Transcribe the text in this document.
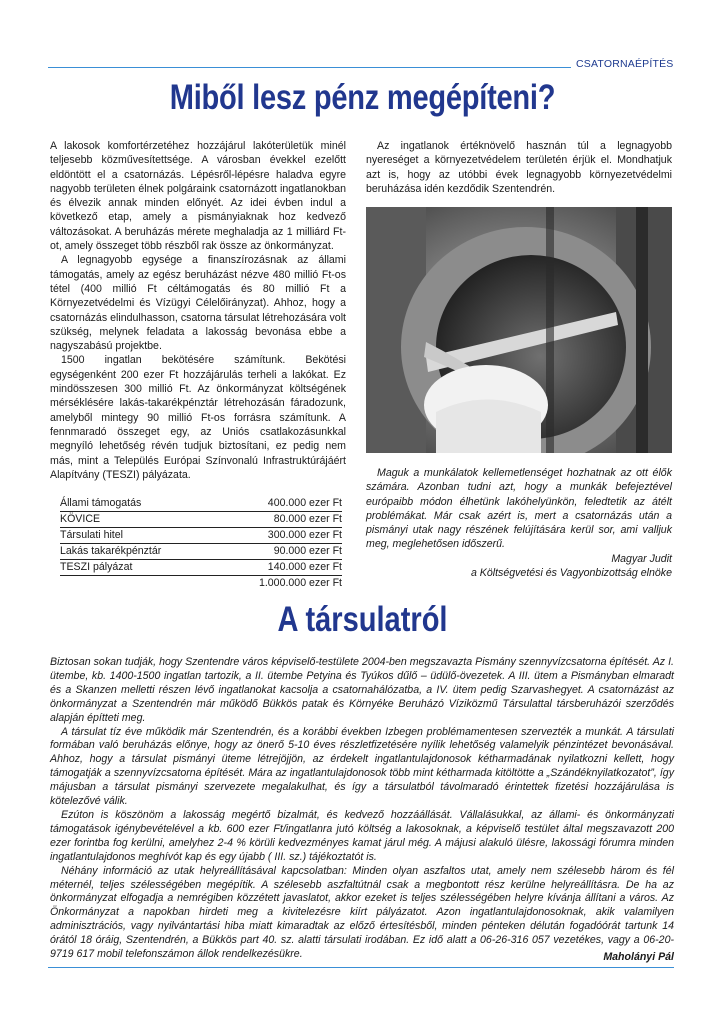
CSATORNAÉPÍTÉS
Miből lesz pénz megépíteni?

A lakosok komfortérzetéhez hozzájárul lakóterületük minél teljesebb közművesítettsége. A városban évekkel ezelőtt eldöntött el a csatornázás. Lépésről-lépésre haladva egyre nagyobb területen élnek polgáraink csatornázott ingatlanokban és élvezik annak minden előnyét. Az idei évben indul a következő etap, amely a pismányiaknak hoz kedvező változásokat. A beruházás mérete meghaladja az 1 milliárd Ft-ot, amely összeget több részből rak össze az önkormányzat.

A legnagyobb egysége a finanszírozásnak az állami támogatás, amely az egész beruházást nézve 480 millió Ft-os tétel (400 millió Ft céltámogatás és 80 millió Ft a Környezetvédelmi és Vízügyi Célelőirányzat). Ahhoz, hogy a csatornázás elindulhasson, csatorna társulat létrehozására volt szükség, melynek feladata a lakosság bevonása ebbe a nagyszabású projektbe.

1500 ingatlan bekötésére számítunk. Bekötési egységenként 200 ezer Ft hozzájárulás terheli a lakókat. Ez mindösszesen 300 millió Ft. Az önkormányzat költségének mérséklésére lakás-takarékpénztár létrehozásán fáradozunk, amelyből mintegy 90 millió Ft-os forrásra számítunk. A fennmaradó összeget egy, az Uniós csatlakozásunkkal megnyíló lehetőség révén tudjuk biztosítani, ez pedig nem más, mint a Település Európai Színvonalú Infrastruktúrájáért Alapítvány (TESZI) pályázata.

Állami támogatás	400.000 ezer Ft
KÖVICE	80.000 ezer Ft
Társulati hitel	300.000 ezer Ft
Lakás takarékpénztár	90.000 ezer Ft
TESZI pályázat	140.000 ezer Ft
1.000.000 ezer Ft

Az ingatlanok értéknövelő hasznán túl a legnagyobb nyereséget a környezetvédelem területén érjük el. Mondhatjuk azt is, hogy az utóbbi évek legnagyobb környezetvédelmi beruházása idén kezdődik Szentendrén.

Maguk a munkálatok kellemetlenséget hozhatnak az ott élők számára. Azonban tudni azt, hogy a munkák befejeztével európaibb módon élhetünk lakóhelyünkön, feledtetik az átélt problémákat. Már csak azért is, mert a csatornázás után a pismányi utak nagy részének felújítására kerül sor, ami valljuk meg, meglehetősen időszerű.

Magyar Judit
a Költségvetési és Vagyonbizottság elnöke
A társulatról

Biztosan sokan tudják, hogy Szentendre város képviselő-testülete 2004-ben megszavazta Pismány szennyvízcsatorna építését. Az I. ütembe, kb. 1400-1500 ingatlan tartozik, a II. ütembe Petyina és Tyúkos dűlő – üdülő-övezetek. A III. ütem a Pismányban elmaradt és a Skanzen melletti részen lévő ingatlanokat kacsolja a csatornahálózatba, a IV. ütem pedig Szarvashegyet. A csatornázást az önkormányzat a Szentendrén már működő Bükkös patak és Környéke Beruházó Víziközmű Társulattal társberuházói szerződés alapján építteti meg.

A társulat tíz éve működik már Szentendrén, és a korábbi években Izbegen problémamentesen szervezték a munkát. A társulati formában való beruházás előnye, hogy az önerő 5-10 éves részletfizetésére nyílik lehetőség valamelyik pénzintézet bevonásával. Ahhoz, hogy a társulat pismányi üteme létrejöjjön, az érdekelt ingatlantulajdonosok kétharmadának nyilatkozni kellett, hogy támogatják a szennyvízcsatorna építését. Mára az ingatlantulajdonosok több mint kétharmada kitöltötte a „Szándéknyilatkozatot”, így májusban a társulat pismányi szervezete megalakulhat, és így a társulatból távolmaradó érintettek fizetési hozzájárulása is kötelezővé válik.

Ezúton is köszönöm a lakosság megértő bizalmát, és kedvező hozzáállását. Vállalásukkal, az állami- és önkormányzati támogatások igénybevételével a kb. 600 ezer Ft/ingatlanra jutó költség a lakosoknak, a képviselő testület által megszavazott 200 ezer forintba fog kerülni, amelyhez 2-4 % körüli kedvezményes kamat járul még. A májusi alakuló ülésre, lakossági fórumra minden ingatlantulajdonos meghívót kap és egy újabb ( III. sz.) tájékoztatót is.

Néhány információ az utak helyreállításával kapcsolatban: Minden olyan aszfaltos utat, amely nem szélesebb három és fél méternél, teljes szélességében megépítik. A szélesebb aszfaltútnál csak a megbontott rész kerülne helyreállításra. De ha az önkormányzat elfogadja a nemrégiben közzétett javaslatot, akkor ezeket is teljes szélességében helyre kívánja állítani a város. Az Önkormányzat a napokban hirdeti meg a kivitelezésre kiírt pályázatot. Azon ingatlantulajdonosoknak, akik valamilyen adminisztrációs, vagy nyilvántartási hiba miatt kimaradtak az előző értesítésből, minden pénteken délután fogadóórát tartunk 14 órától 18 óráig, Szentendrén, a Bükkös part 40. sz. alatti társulati irodában. Ez idő alatt a 06-26-316 057 vezetékes, vagy a 06-20-9719 617 mobil telefonszámon állok rendelkezésükre.	Maholányi Pál
